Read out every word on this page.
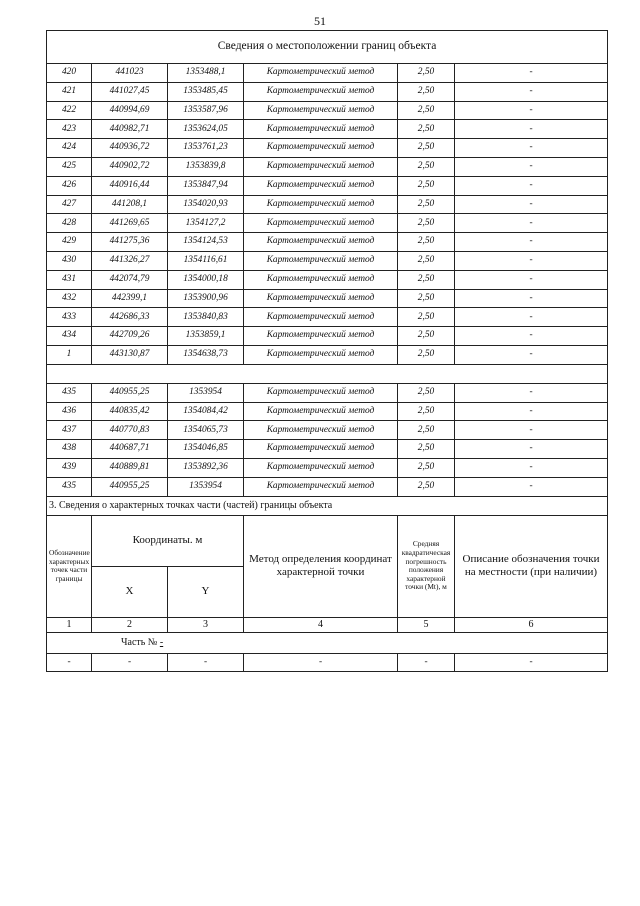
51
Сведения о местоположении границ объекта					
420	441023	1353488,1	Картометрический метод	2,50	-
421	441027,45	1353485,45	Картометрический метод	2,50	-
422	440994,69	1353587,96	Картометрический метод	2,50	-
423	440982,71	1353624,05	Картометрический метод	2,50	-
424	440936,72	1353761,23	Картометрический метод	2,50	-
425	440902,72	1353839,8	Картометрический метод	2,50	-
426	440916,44	1353847,94	Картометрический метод	2,50	-
427	441208,1	1354020,93	Картометрический метод	2,50	-
428	441269,65	1354127,2	Картометрический метод	2,50	-
429	441275,36	1354124,53	Картометрический метод	2,50	-
430	441326,27	1354116,61	Картометрический метод	2,50	-
431	442074,79	1354000,18	Картометрический метод	2,50	-
432	442399,1	1353900,96	Картометрический метод	2,50	-
433	442686,33	1353840,83	Картометрический метод	2,50	-
434	442709,26	1353859,1	Картометрический метод	2,50	-
1	443130,87	1354638,73	Картометрический метод	2,50	-

435	440955,25	1353954	Картометрический метод	2,50	-
436	440835,42	1354084,42	Картометрический метод	2,50	-
437	440770,83	1354065,73	Картометрический метод	2,50	-
438	440687,71	1354046,85	Картометрический метод	2,50	-
439	440889,81	1353892,36	Картометрический метод	2,50	-
435	440955,25	1353954	Картометрический метод	2,50	-
3. Сведения о характерных точках части (частей) границы объекта					
Обозначение характерных точек части границы	Координаты. м		Метод определения координат характерной точки	Средняя квадратическая погрешность положения характерной точки (Mt), м	Описание обозначения точки на местности (при наличии)
	X	Y			
1	2	3	4	5	6
Часть № -					
-	-	-	-	-	-
